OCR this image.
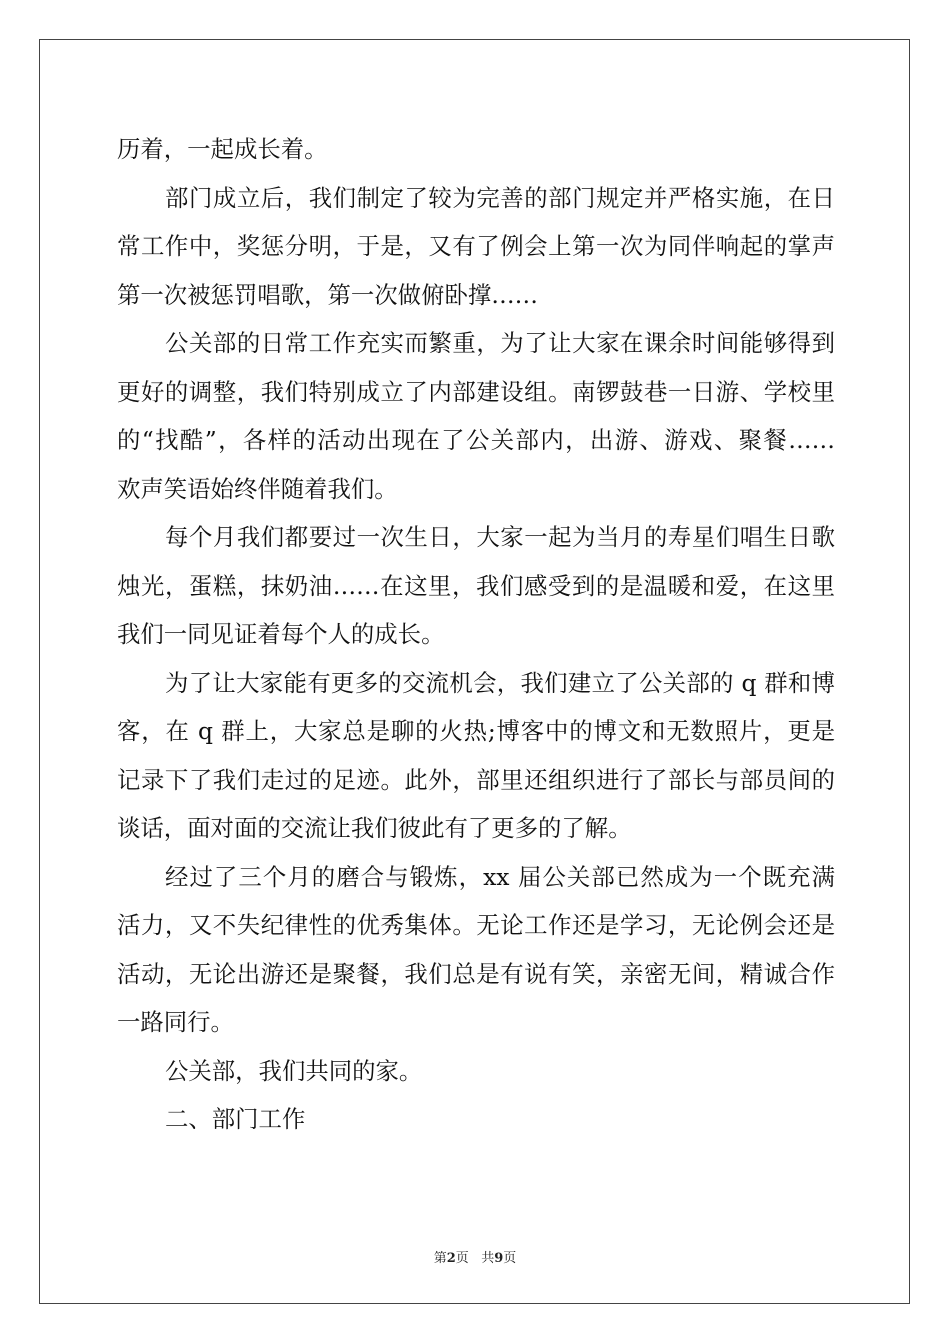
历着，一起成长着。
部门成立后，我们制定了较为完善的部门规定并严格实施，在日
常工作中，奖惩分明，于是，又有了例会上第一次为同伴响起的掌声
第一次被惩罚唱歌，第一次做俯卧撑……
公关部的日常工作充实而繁重，为了让大家在课余时间能够得到
更好的调整，我们特别成立了内部建设组。南锣鼓巷一日游、学校里
的“找酷”，各样的活动出现在了公关部内，出游、游戏、聚餐……
欢声笑语始终伴随着我们。
每个月我们都要过一次生日，大家一起为当月的寿星们唱生日歌
烛光，蛋糕，抹奶油……在这里，我们感受到的是温暖和爱，在这里
我们一同见证着每个人的成长。
为了让大家能有更多的交流机会，我们建立了公关部的 q 群和博
客，在 q 群上，大家总是聊的火热;博客中的博文和无数照片，更是
记录下了我们走过的足迹。此外，部里还组织进行了部长与部员间的
谈话，面对面的交流让我们彼此有了更多的了解。
经过了三个月的磨合与锻炼，xx 届公关部已然成为一个既充满
活力，又不失纪律性的优秀集体。无论工作还是学习，无论例会还是
活动，无论出游还是聚餐，我们总是有说有笑，亲密无间，精诚合作
一路同行。
公关部，我们共同的家。
二、部门工作
第2页 共9页
